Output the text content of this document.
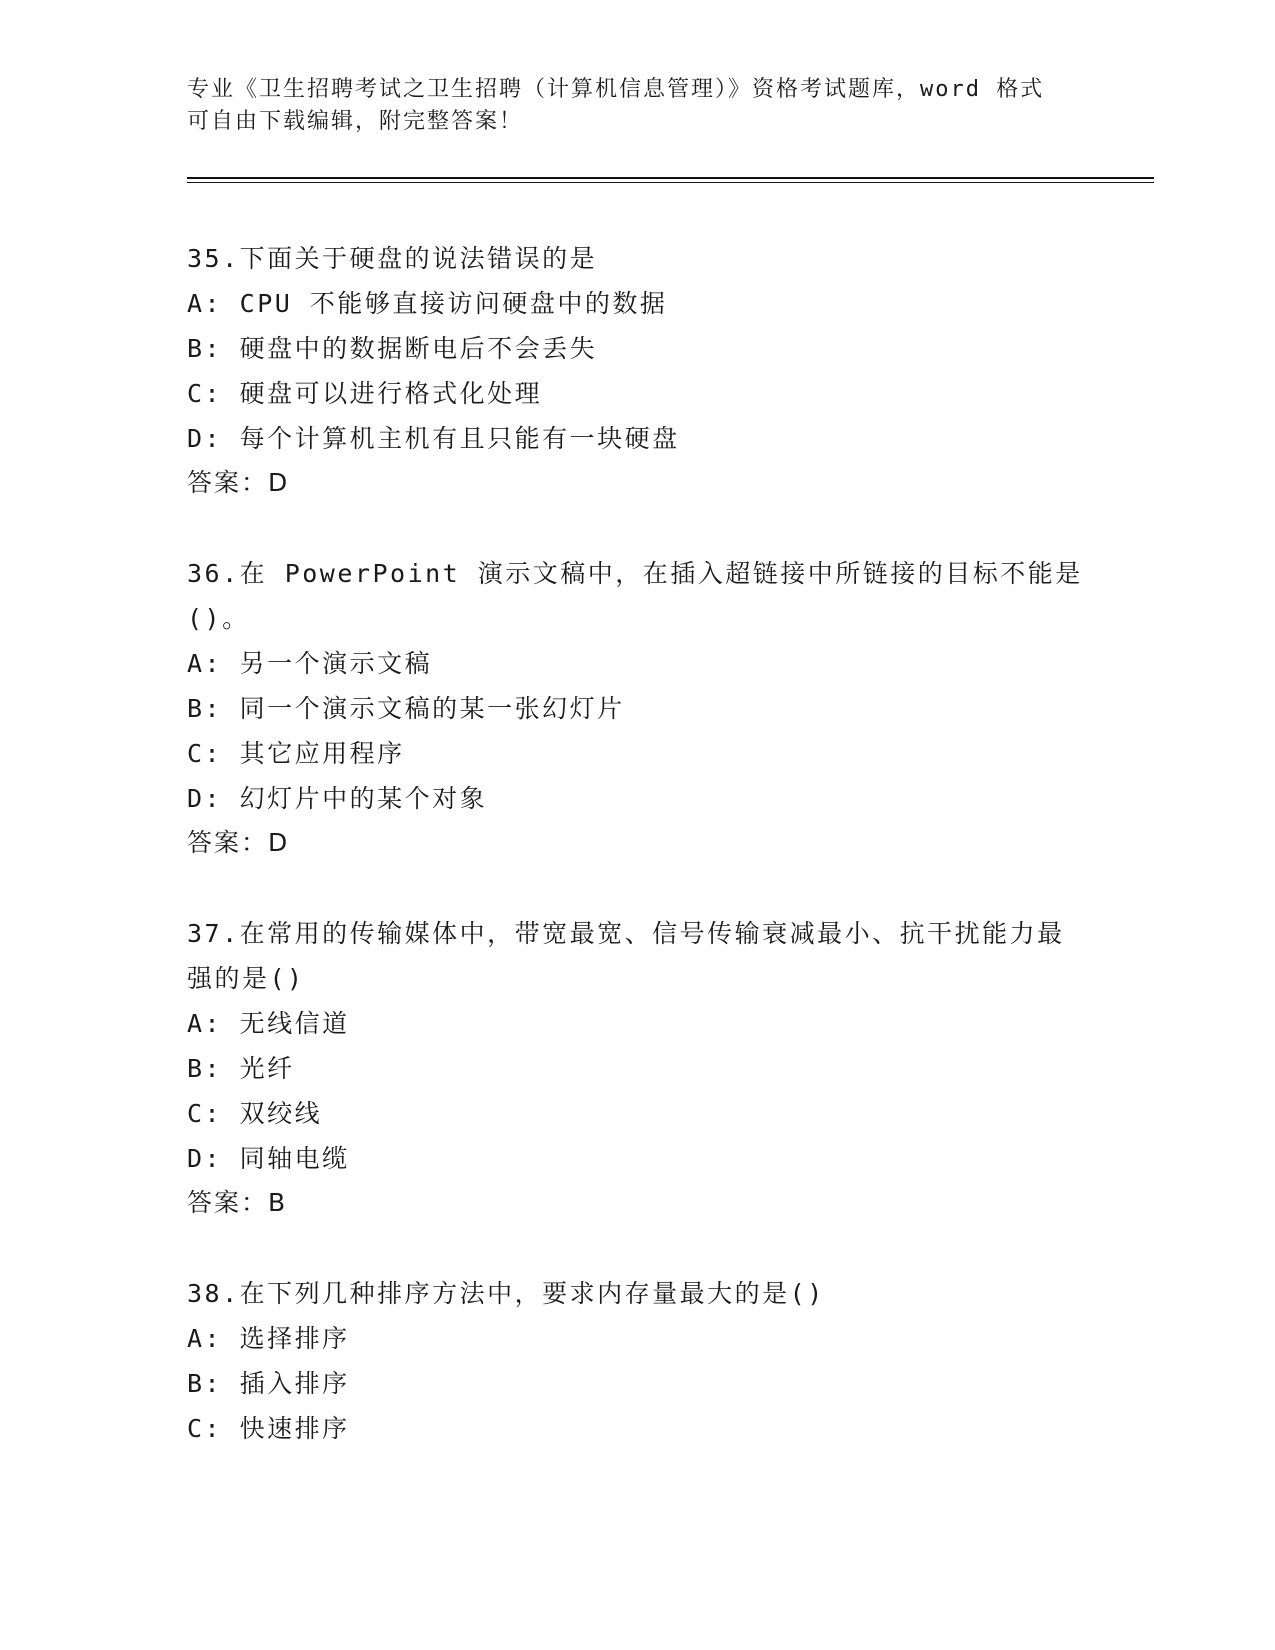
专业《卫生招聘考试之卫生招聘（计算机信息管理）》资格考试题库，word 格式
可自由下载编辑，附完整答案！
35.下面关于硬盘的说法错误的是
A: CPU 不能够直接访问硬盘中的数据
B: 硬盘中的数据断电后不会丢失
C: 硬盘可以进行格式化处理
D: 每个计算机主机有且只能有一块硬盘
答案：D
36.在 PowerPoint 演示文稿中，在插入超链接中所链接的目标不能是()。
A: 另一个演示文稿
B: 同一个演示文稿的某一张幻灯片
C: 其它应用程序
D: 幻灯片中的某个对象
答案：D
37.在常用的传输媒体中，带宽最宽、信号传输衰减最小、抗干扰能力最强的是()
A: 无线信道
B: 光纤
C: 双绞线
D: 同轴电缆
答案：B
38.在下列几种排序方法中，要求内存量最大的是()
A: 选择排序
B: 插入排序
C: 快速排序
